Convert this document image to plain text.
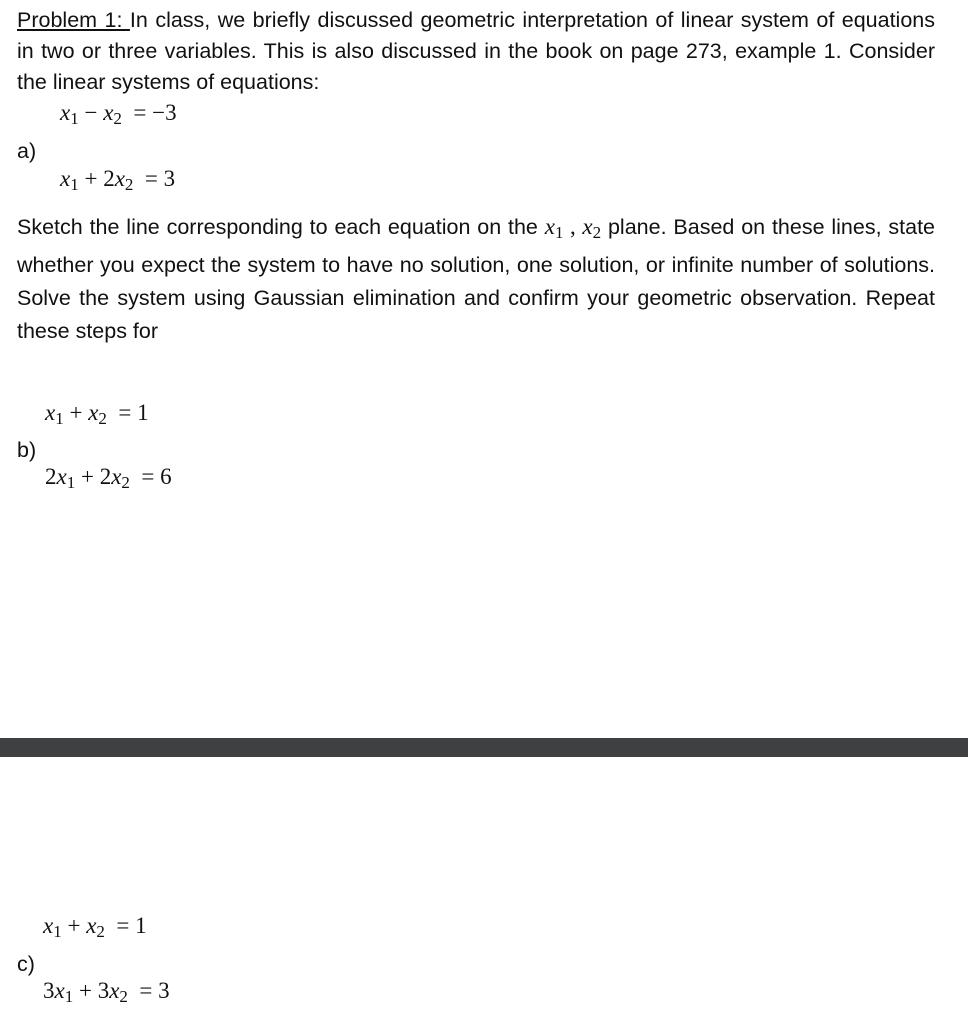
Problem 1: In class, we briefly discussed geometric interpretation of linear system of equations in two or three variables. This is also discussed in the book on page 273, example 1. Consider the linear systems of equations:

$x_1 - x_2 = -3$
a)
$x_1 + 2x_2 = 3$

Sketch the line corresponding to each equation on the $x_1$ , $x_2$ plane. Based on these lines, state whether you expect the system to have no solution, one solution, or infinite number of solutions. Solve the system using Gaussian elimination and confirm your geometric observation. Repeat these steps for

$x_1 + x_2 = 1$
b)
$2x_1 + 2x_2 = 6$
$x_1 + x_2 = 1$
c)
$3x_1 + 3x_2 = 3$
